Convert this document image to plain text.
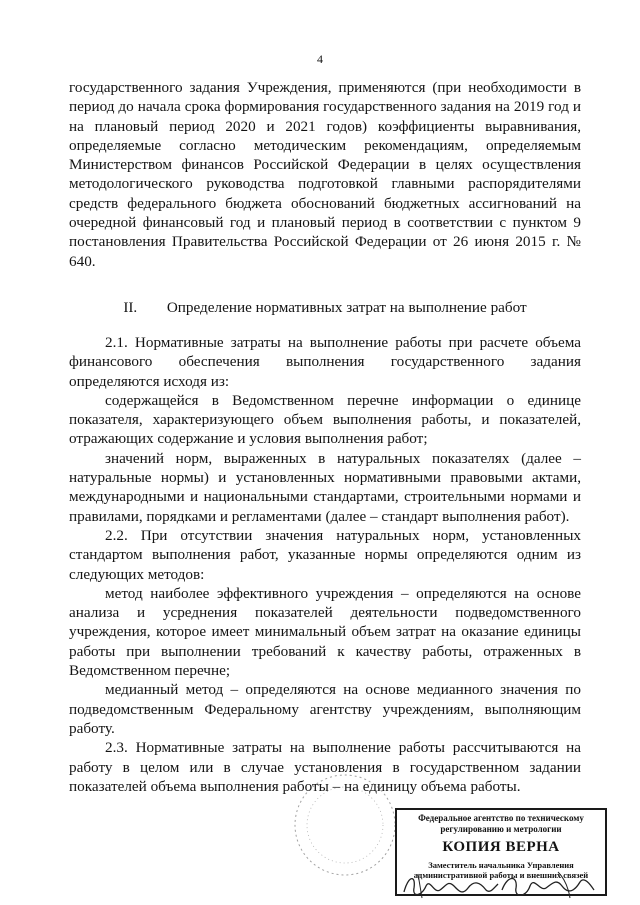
4

государственного задания Учреждения, применяются (при необходимости в период до начала срока формирования государственного задания на 2019 год и на плановый период 2020 и 2021 годов) коэффициенты выравнивания, определяемые согласно методическим рекомендациям, определяемым Министерством финансов Российской Федерации в целях осуществления методологического руководства подготовкой главными распорядителями средств федерального бюджета обоснований бюджетных ассигнований на очередной финансовый год и плановый период в соответствии с пунктом 9 постановления Правительства Российской Федерации от 26 июня 2015 г. № 640.

II. Определение нормативных затрат на выполнение работ

2.1. Нормативные затраты на выполнение работы при расчете объема финансового обеспечения выполнения государственного задания определяются исходя из:

содержащейся в Ведомственном перечне информации о единице показателя, характеризующего объем выполнения работы, и показателей, отражающих содержание и условия выполнения работ;

значений норм, выраженных в натуральных показателях (далее – натуральные нормы) и установленных нормативными правовыми актами, международными и национальными стандартами, строительными нормами и правилами, порядками и регламентами (далее – стандарт выполнения работ).

2.2. При отсутствии значения натуральных норм, установленных стандартом выполнения работ, указанные нормы определяются одним из следующих методов:

метод наиболее эффективного учреждения – определяются на основе анализа и усреднения показателей деятельности подведомственного учреждения, которое имеет минимальный объем затрат на оказание единицы работы при выполнении требований к качеству работы, отраженных в Ведомственном перечне;

медианный метод – определяются на основе медианного значения по подведомственным Федеральному агентству учреждениям, выполняющим работу.

2.3. Нормативные затраты на выполнение работы рассчитываются на работу в целом или в случае установления в государственном задании показателей объема выполнения работы – на единицу объема работы.

Федеральное агентство по техническому регулированию и метрологии
КОПИЯ ВЕРНА
Заместитель начальника Управления административной работы и внешних связей
